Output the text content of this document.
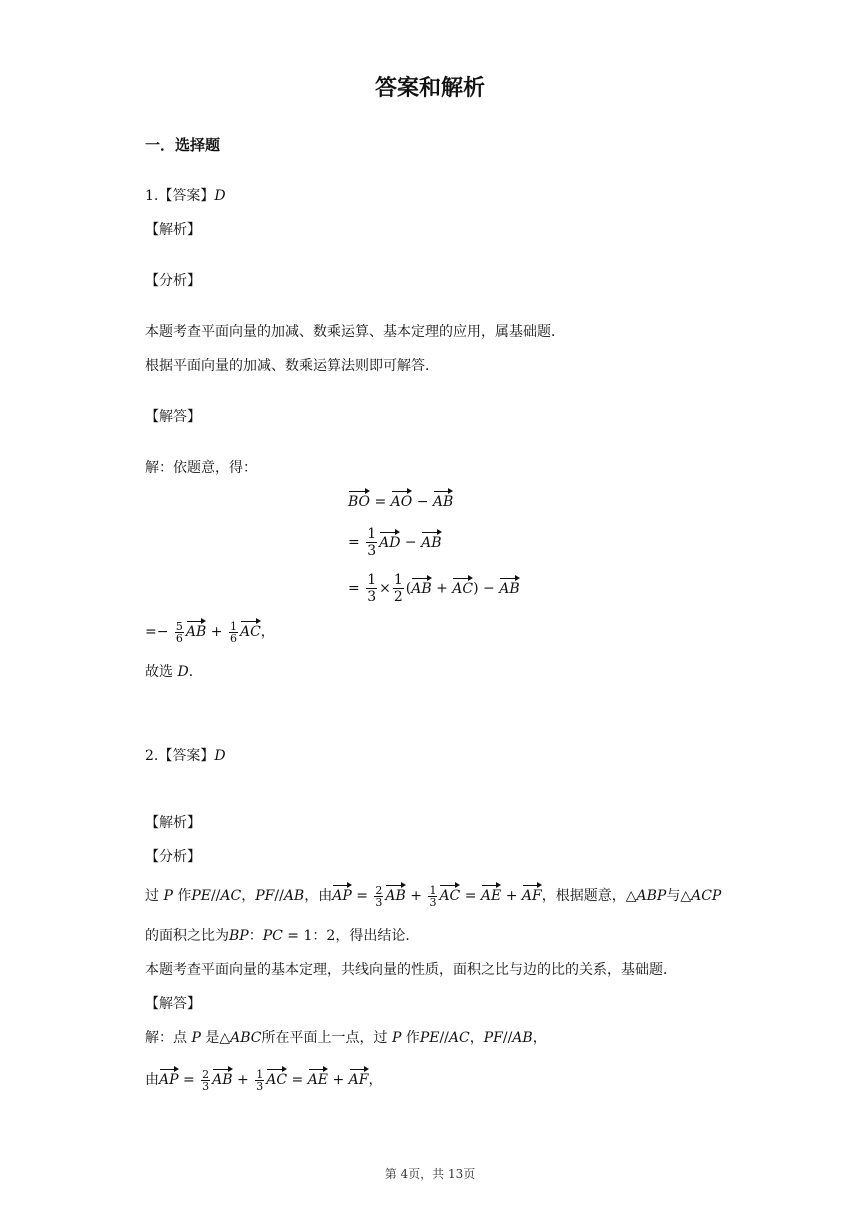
答案和解析
一．选择题
1.【答案】D
【解析】
【分析】
本题考查平面向量的加减、数乘运算、基本定理的应用，属基础题．
根据平面向量的加减、数乘运算法则即可解答．
【解答】
解：依题意，得：
BO = AO − AB
= $\frac{1}{3}$ AD − AB
= $\frac{1}{3} \times \frac{1}{2} (AB + AC)$ − AB
=− $\frac{5}{6}$ AB + $\frac{1}{6}$ AC，
故选 D．
2.【答案】D
【解析】
【分析】
过 P 作PE//AC，PF//AB，由AP = $\frac{2}{3}$ AB + $\frac{1}{3}$ AC = AE + AF，根据题意，△ABP与△ACP
的面积之比为BP：PC = 1：2，得出结论．
本题考查平面向量的基本定理，共线向量的性质，面积之比与边的比的关系，基础题．
【解答】
解：点 P 是△ABC所在平面上一点，过 P 作PE//AC，PF//AB，
由AP = $\frac{2}{3}$ AB + $\frac{1}{3}$ AC = AE + AF，
第 4页，共 13页
